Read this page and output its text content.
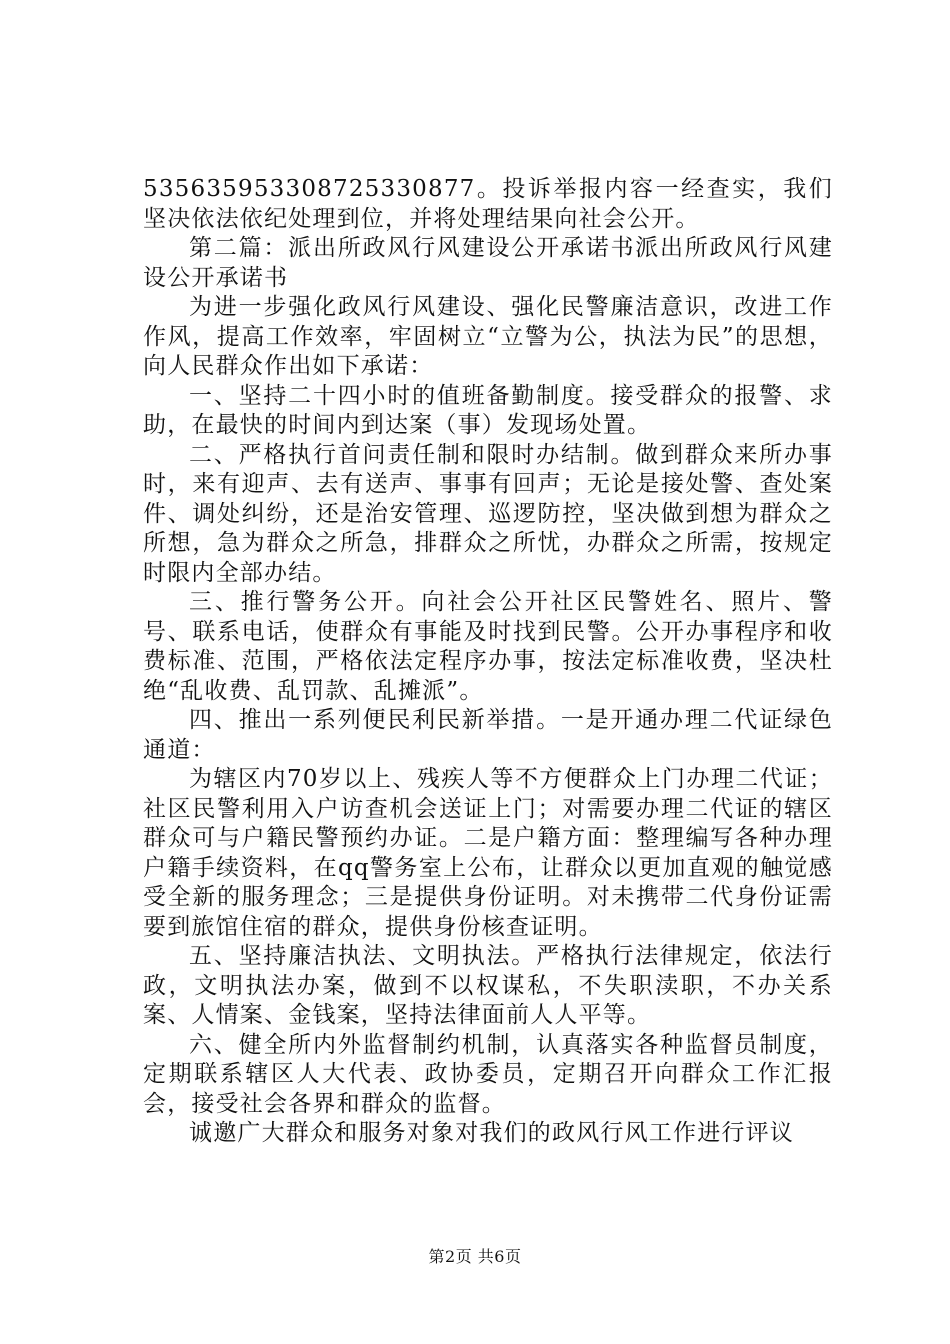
53563595330872533087​7。投诉举报内容一经查实，我们坚决依法依纪处理到位，并将处理结果向社会公开。

第二篇：派出所政风行风建设公开承诺书派出所政风行风建设公开承诺书

为进一步强化政风行风建设、强化民警廉洁意识，改进工作作风，提高工作效率，牢固树立“立警为公，执法为民”的思想，向人民群众作出如下承诺：

一、坚持二十四小时的值班备勤制度。接受群众的报警、求助，在最快的时间内到达案（事）发现场处置。

二、严格执行首问责任制和限时办结制。做到群众来所办事时，来有迎声、去有送声、事事有回声；无论是接处警、查处案件、调处纠纷，还是治安管理、巡逻防控，坚决做到想为群众之所想，急为群众之所急，排群众之所忧，办群众之所需，按规定时限内全部办结。

三、推行警务公开。向社会公开社区民警姓名、照片、警号、联系电话，使群众有事能及时找到民警。公开办事程序和收费标准、范围，严格依法定程序办事，按法定标准收费，坚决杜绝“乱收费、乱罚款、乱摊派”。

四、推出一系列便民利民新举措。一是开通办理二代证绿色通道：

为辖区内70岁以上、残疾人等不方便群众上门办理二代证；社区民警利用入户访查机会送证上门；对需要办理二代证的辖区群众可与户籍民警预约办证。二是户籍方面：整理编写各种办理户籍手续资料，在qq警务室上公布，让群众以更加直观的触觉感受全新的服务理念；三是提供身份证明。对未携带二代身份证需要到旅馆住宿的群众，提供身份核查证明。

五、坚持廉洁执法、文明执法。严格执行法律规定，依法行政，文明执法办案，做到不以权谋私，不失职渎职，不办关系案、人情案、金钱案，坚持法律面前人人平等。

六、健全所内外监督制约机制，认真落实各种监督员制度，定期联系辖区人大代表、政协委员，定期召开向群众工作汇报会，接受社会各界和群众的监督。

诚邀广大群众和服务对象对我们的政风行风工作进行评议

第2页 共6页
